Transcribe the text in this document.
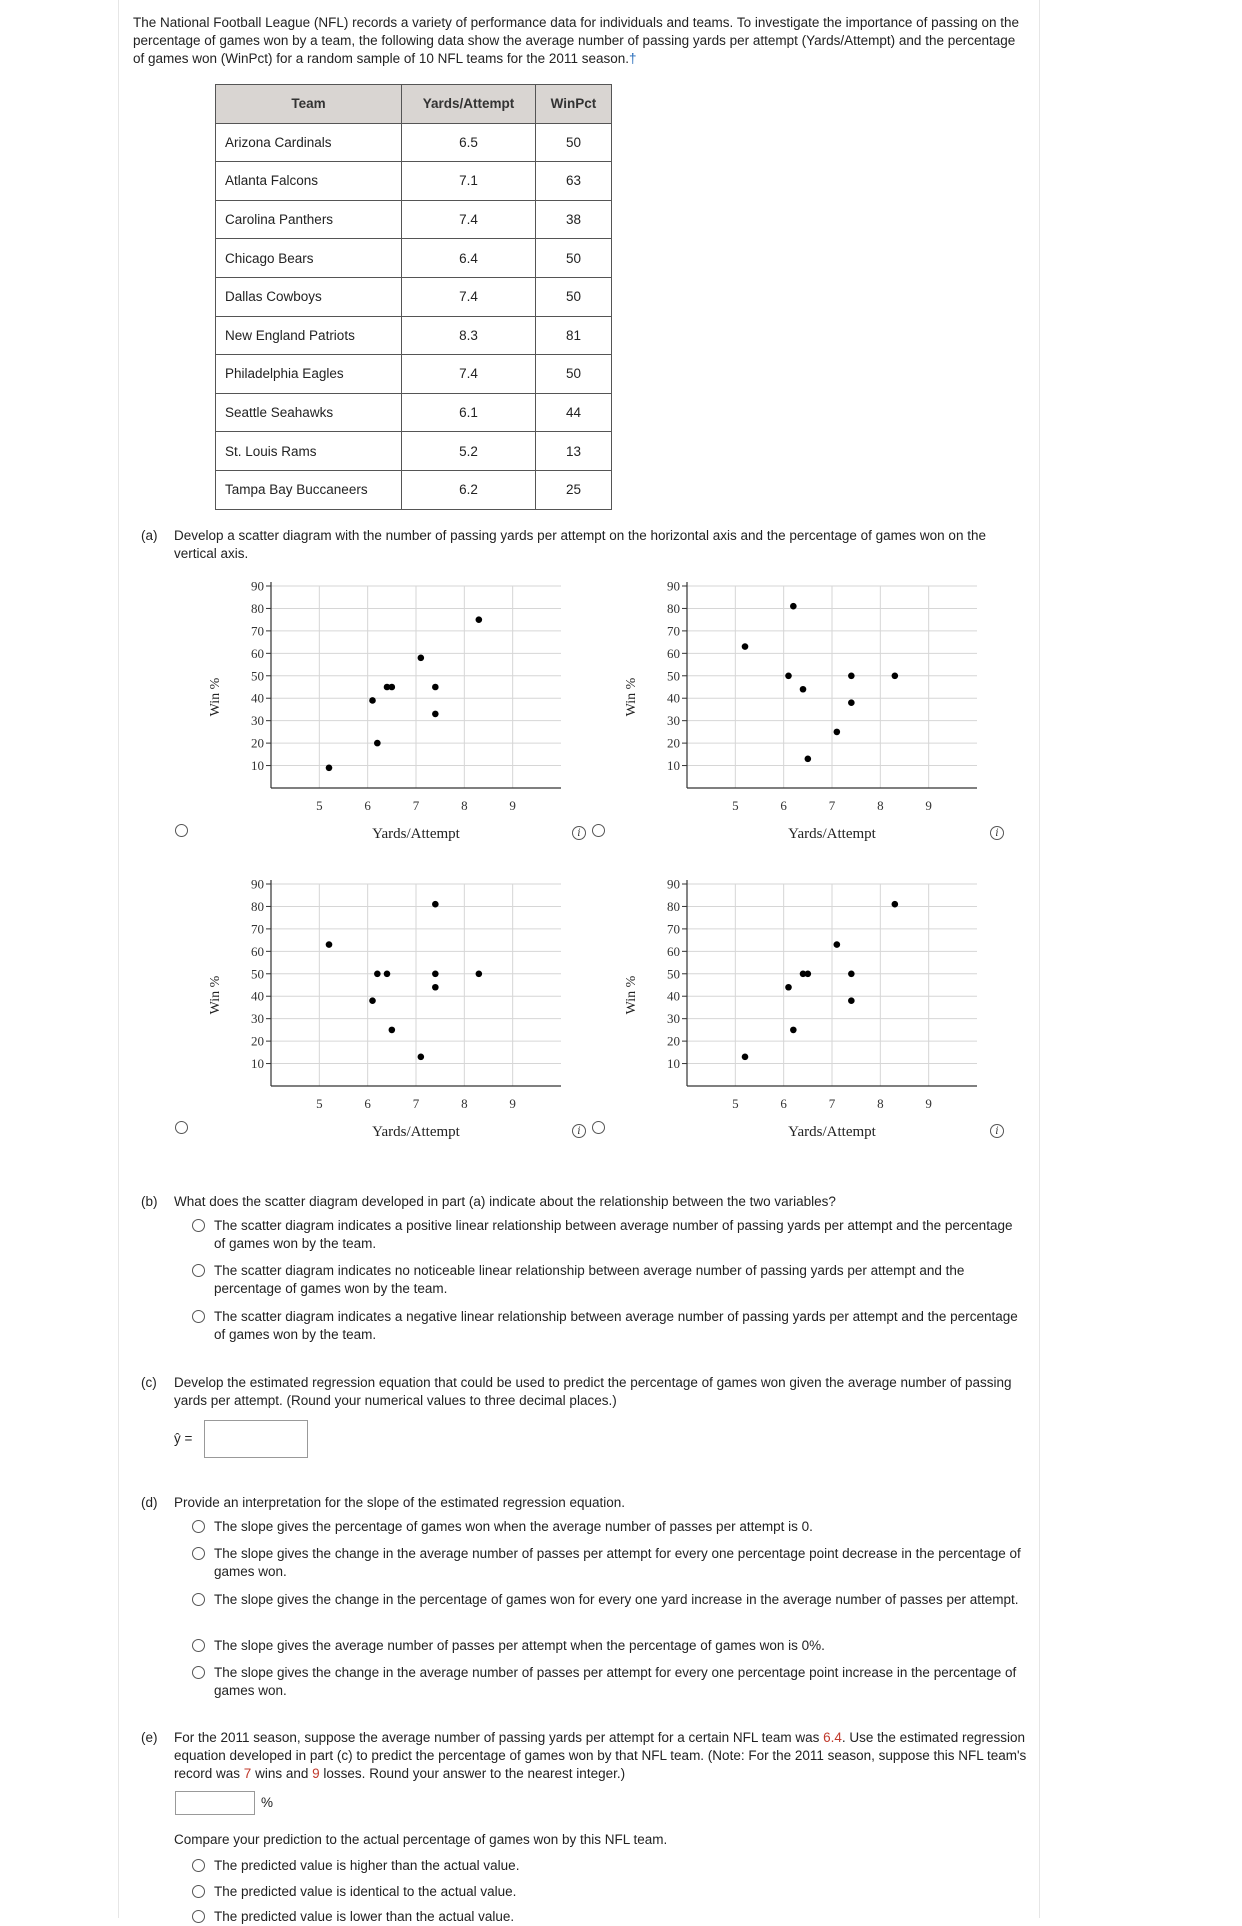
The National Football League (NFL) records a variety of performance data for individuals and teams. To investigate the importance of passing on the percentage of games won by a team, the following data show the average number of passing yards per attempt (Yards/Attempt) and the percentage of games won (WinPct) for a random sample of 10 NFL teams for the 2011 season.†
Team	Yards/Attempt	WinPct
Arizona Cardinals	6.5	50
Atlanta Falcons	7.1	63
Carolina Panthers	7.4	38
Chicago Bears	6.4	50
Dallas Cowboys	7.4	50
New England Patriots	8.3	81
Philadelphia Eagles	7.4	50
Seattle Seahawks	6.1	44
St. Louis Rams	5.2	13
Tampa Bay Buccaneers	6.2	25
(a)	Develop a scatter diagram with the number of passing yards per attempt on the horizontal axis and the percentage of games won on the vertical axis.
10
20
30
40
50
60
70
80
90
5	6	7	8	9
Yards/Attempt
Win %
10
20
30
40
50
60
70
80
90
5	6	7	8	9
Yards/Attempt
Win %
10
20
30
40
50
60
70
80
90
5	6	7	8	9
Yards/Attempt
Win %
10
20
30
40
50
60
70
80
90
5	6	7	8	9
Yards/Attempt
Win %
i	i
i	i
(b)	What does the scatter diagram developed in part (a) indicate about the relationship between the two variables?
The scatter diagram indicates a positive linear relationship between average number of passing yards per attempt and the percentage of games won by the team.
The scatter diagram indicates no noticeable linear relationship between average number of passing yards per attempt and the percentage of games won by the team.
The scatter diagram indicates a negative linear relationship between average number of passing yards per attempt and the percentage of games won by the team.
(c)	Develop the estimated regression equation that could be used to predict the percentage of games won given the average number of passing yards per attempt. (Round your numerical values to three decimal places.)
ŷ =
(d)	Provide an interpretation for the slope of the estimated regression equation.
The slope gives the percentage of games won when the average number of passes per attempt is 0.
The slope gives the change in the average number of passes per attempt for every one percentage point decrease in the percentage of games won.
The slope gives the change in the percentage of games won for every one yard increase in the average number of passes per attempt.
The slope gives the average number of passes per attempt when the percentage of games won is 0%.
The slope gives the change in the average number of passes per attempt for every one percentage point increase in the percentage of games won.
(e)	For the 2011 season, suppose the average number of passing yards per attempt for a certain NFL team was 6.4. Use the estimated regression equation developed in part (c) to predict the percentage of games won by that NFL team. (Note: For the 2011 season, suppose this NFL team's record was 7 wins and 9 losses. Round your answer to the nearest integer.)
%
Compare your prediction to the actual percentage of games won by this NFL team.
The predicted value is higher than the actual value.
The predicted value is identical to the actual value.
The predicted value is lower than the actual value.
